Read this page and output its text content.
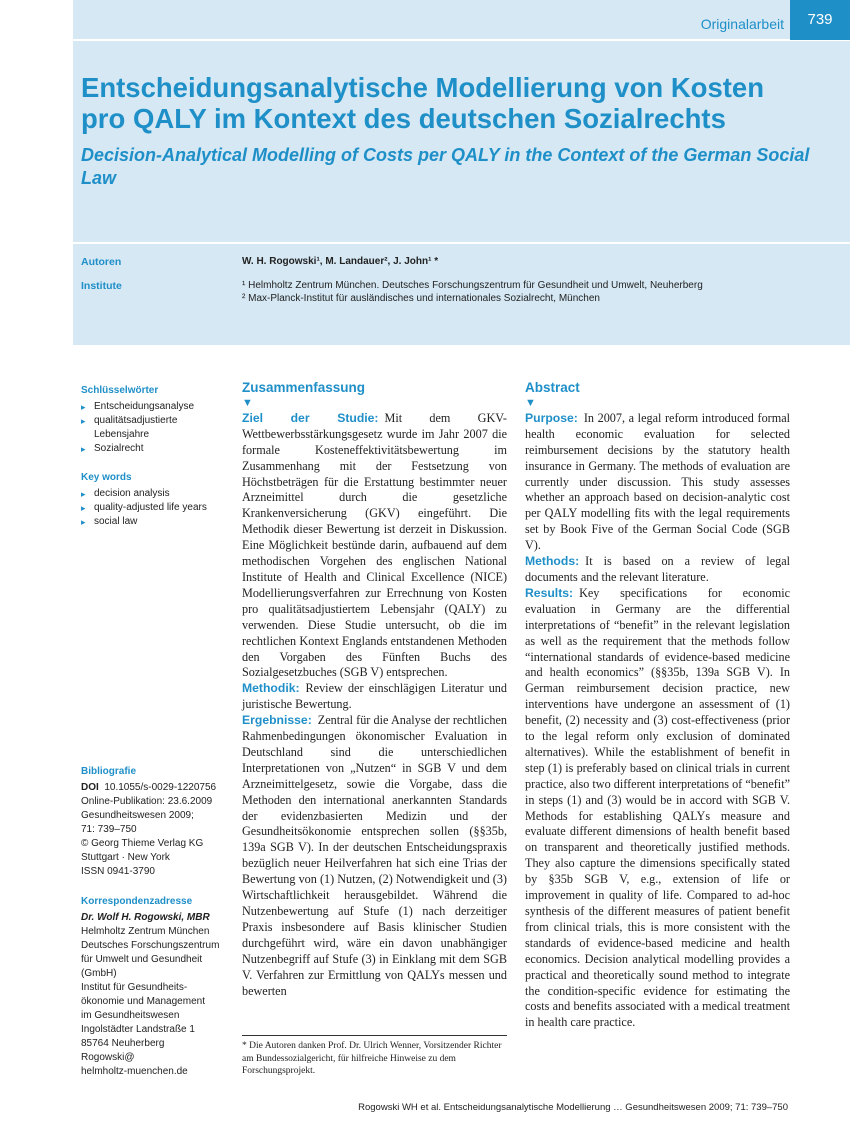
Originalarbeit	739
Entscheidungsanalytische Modellierung von Kosten pro QALY im Kontext des deutschen Sozialrechts
Decision-Analytical Modelling of Costs per QALY in the Context of the German Social Law
Autoren	W. H. Rogowski¹, M. Landauer², J. John¹ *
Institute	¹ Helmholtz Zentrum München. Deutsches Forschungszentrum für Gesundheit und Umwelt, Neuherberg
² Max-Planck-Institut für ausländisches und internationales Sozialrecht, München
Schlüsselwörter
▸ Entscheidungsanalyse
▸ qualitätsadjustierte Lebensjahre
▸ Sozialrecht
Key words
▸ decision analysis
▸ quality-adjusted life years
▸ social law
Bibliografie
DOI 10.1055/s-0029-1220756
Online-Publikation: 23.6.2009
Gesundheitswesen 2009;
71: 739–750
© Georg Thieme Verlag KG
Stuttgart · New York
ISSN 0941-3790
Korrespondenzadresse
Dr. Wolf H. Rogowski, MBR
Helmholtz Zentrum München
Deutsches Forschungszentrum
für Umwelt und Gesundheit
(GmbH)
Institut für Gesundheits-
ökonomie und Management
im Gesundheitswesen
Ingolstädter Landstraße 1
85764 Neuherberg
Rogowski@
helmholtz-muenchen.de
Zusammenfassung
▼

Ziel der Studie: Mit dem GKV-Wettbewerbsstärkungsgesetz wurde im Jahr 2007 die formale Kosteneffektivitätsbewertung im Zusammenhang mit der Festsetzung von Höchstbeträgen für die Erstattung bestimmter neuer Arzneimittel durch die gesetzliche Krankenversicherung (GKV) eingeführt. Die Methodik dieser Bewertung ist derzeit in Diskussion. Eine Möglichkeit bestünde darin, aufbauend auf dem methodischen Vorgehen des englischen National Institute of Health and Clinical Excellence (NICE) Modellierungsverfahren zur Errechnung von Kosten pro qualitätsadjustiertem Lebensjahr (QALY) zu verwenden. Diese Studie untersucht, ob die im rechtlichen Kontext Englands entstandenen Methoden den Vorgaben des Fünften Buchs des Sozialgesetzbuches (SGB V) entsprechen.

Methodik: Review der einschlägigen Literatur und juristische Bewertung.

Ergebnisse: Zentral für die Analyse der rechtlichen Rahmenbedingungen ökonomischer Evaluation in Deutschland sind die unterschiedlichen Interpretationen von „Nutzen“ in SGB V und dem Arzneimittelgesetz, sowie die Vorgabe, dass die Methoden den international anerkannten Standards der evidenzbasierten Medizin und der Gesundheitsökonomie entsprechen sollen (§§35b, 139a SGB V). In der deutschen Entscheidungspraxis bezüglich neuer Heilverfahren hat sich eine Trias der Bewertung von (1) Nutzen, (2) Notwendigkeit und (3) Wirtschaftlichkeit herausgebildet. Während die Nutzenbewertung auf Stufe (1) nach derzeitiger Praxis insbesondere auf Basis klinischer Studien durchgeführt wird, wäre ein davon unabhängiger Nutzenbegriff auf Stufe (3) in Einklang mit dem SGB V. Verfahren zur Ermittlung von QALYs messen und bewerten

* Die Autoren danken Prof. Dr. Ulrich Wenner, Vorsitzender Richter am Bundessozialgericht, für hilfreiche Hinweise zu dem Forschungsprojekt.
Abstract
▼

Purpose: In 2007, a legal reform introduced formal health economic evaluation for selected reimbursement decisions by the statutory health insurance in Germany. The methods of evaluation are currently under discussion. This study assesses whether an approach based on decision-analytic cost per QALY modelling fits with the legal requirements set by Book Five of the German Social Code (SGB V).

Methods: It is based on a review of legal documents and the relevant literature.

Results: Key specifications for economic evaluation in Germany are the differential interpretations of “benefit” in the relevant legislation as well as the requirement that the methods follow “international standards of evidence-based medicine and health economics” (§§35b, 139a SGB V). In German reimbursement decision practice, new interventions have undergone an assessment of (1) benefit, (2) necessity and (3) cost-effectiveness (prior to the legal reform only exclusion of dominated alternatives). While the establishment of benefit in step (1) is preferably based on clinical trials in current practice, also two different interpretations of “benefit” in steps (1) and (3) would be in accord with SGB V. Methods for establishing QALYs measure and evaluate different dimensions of health benefit based on transparent and theoretically justified methods. They also capture the dimensions specifically stated by §35b SGB V, e.g., extension of life or improvement in quality of life. Compared to ad-hoc synthesis of the different measures of patient benefit from clinical trials, this is more consistent with the standards of evidence-based medicine and health economics. Decision analytical modelling provides a practical and theoretically sound method to integrate the condition-specific evidence for estimating the costs and benefits associated with a medical treatment in health care practice.

Rogowski WH et al. Entscheidungsanalytische Modellierung … Gesundheitswesen 2009; 71: 739–750
